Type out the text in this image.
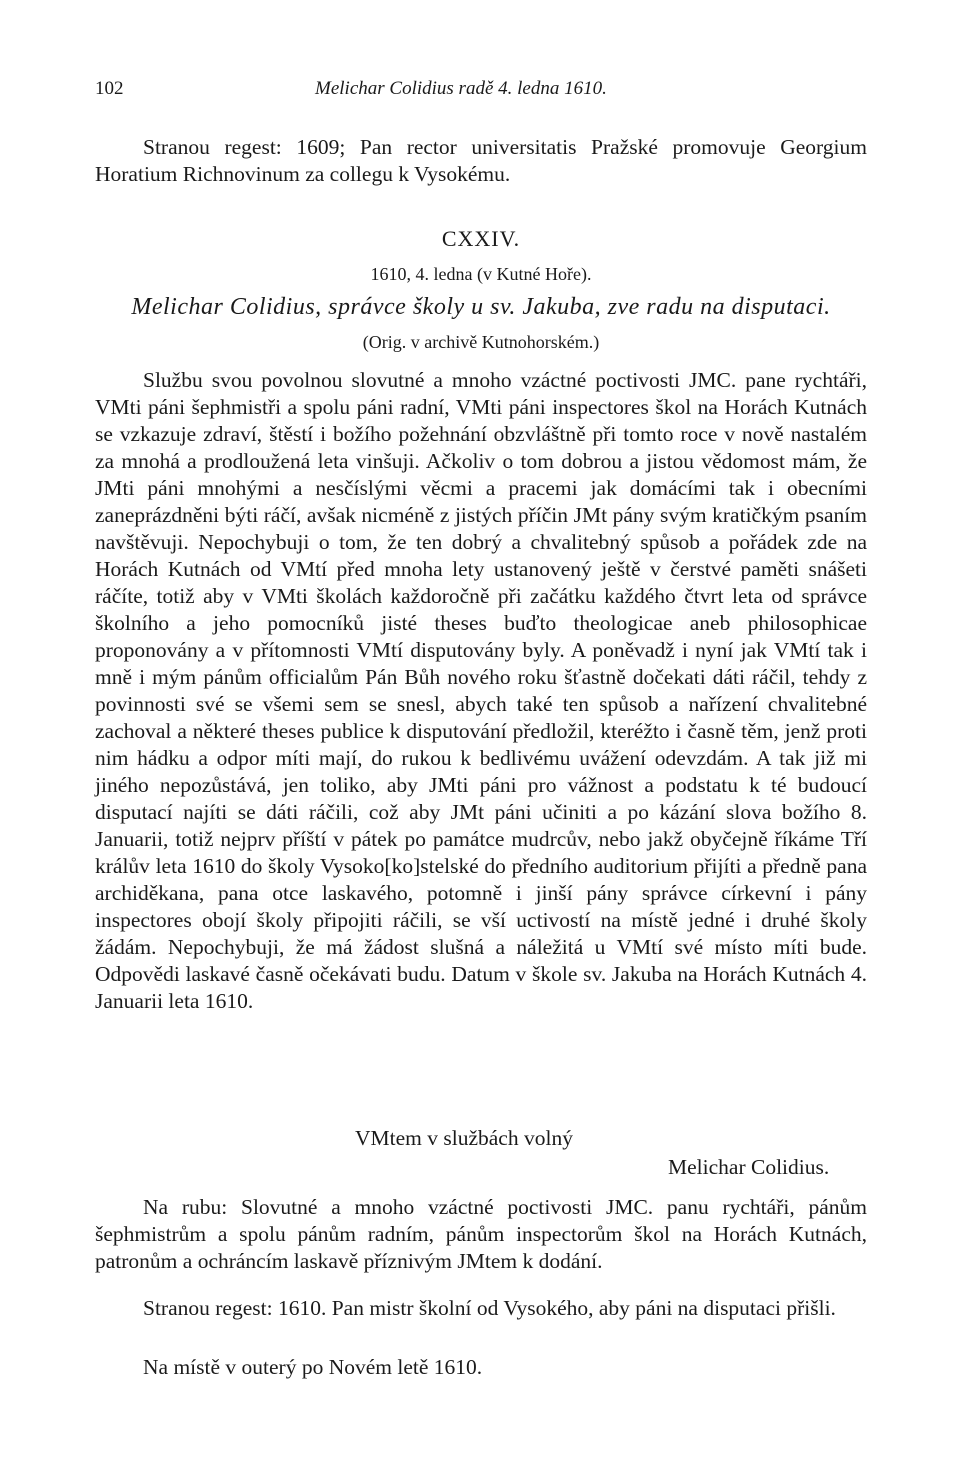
102	Melichar Colidius radě 4. ledna 1610.

Stranou regest: 1609; Pan rector universitatis Pražské promovuje Georgium Horatium Richnovinum za collegu k Vysokému.

CXXIV.
1610, 4. ledna (v Kutné Hoře).
Melichar Colidius, správce školy u sv. Jakuba, zve radu na disputaci.
(Orig. v archivě Kutnohorském.)

Službu svou povolnou slovutné a mnoho vzáctné poctivosti JMC. pane rychtáři, VMti páni šephmistři a spolu páni radní, VMti páni inspectores škol na Horách Kutnách se vzkazuje zdraví, štěstí i božího požehnání obzvláštně při tomto roce v nově nastalém za mnohá a prodloužená leta vinšuji. Ačkoliv o tom dobrou a jistou vědomost mám, že JMti páni mnohými a nesčíslými věcmi a pracemi jak domácími tak i obecními zaneprázdněni býti ráčí, avšak nicméně z jistých příčin JMt pány svým kratičkým psaním navštěvuji. Nepochybuji o tom, že ten dobrý a chvalitebný spůsob a pořádek zde na Horách Kutnách od VMtí před mnoha lety ustanovený ještě v čerstvé paměti snášeti ráčíte, totiž aby v VMti školách každoročně při začátku každého čtvrt leta od správce školního a jeho pomocníků jisté theses buďto theologicae aneb philosophicae proponovány a v přítomnosti VMtí disputovány byly. A poněvadž i nyní jak VMtí tak i mně i mým pánům officialům Pán Bůh nového roku šťastně dočekati dáti ráčil, tehdy z povinnosti své se všemi sem se snesl, abych také ten spůsob a nařízení chvalitebné zachoval a některé theses publice k disputování předložil, kteréžto i časně těm, jenž proti nim hádku a odpor míti mají, do rukou k bedlivému uvážení odevzdám. A tak již mi jiného nepozůstává, jen toliko, aby JMti páni pro vážnost a podstatu k té budoucí disputací najíti se dáti ráčili, což aby JMt páni učiniti a po kázání slova božího 8. Januarii, totiž nejprv příští v pátek po památce mudrcův, nebo jakž obyčejně říkáme Tří králův leta 1610 do školy Vysoko[ko]stelské do předního auditorium přijíti a předně pana archiděkana, pana otce laskavého, potomně i jinší pány správce církevní i pány inspectores obojí školy připojiti ráčili, se vší uctivostí na místě jedné i druhé školy žádám. Nepochybuji, že má žádost slušná a náležitá u VMtí své místo míti bude. Odpovědi laskavé časně očekávati budu. Datum v škole sv. Jakuba na Horách Kutnách 4. Januarii leta 1610.

VMtem v službách volný
Melichar Colidius.

Na rubu: Slovutné a mnoho vzáctné poctivosti JMC. panu rychtáři, pánům šephmistrům a spolu pánům radním, pánům inspectorům škol na Horách Kutnách, patronům a ochráncím laskavě příznivým JMtem k dodání.

Stranou regest: 1610. Pan mistr školní od Vysokého, aby páni na disputaci přišli.

Na místě v outerý po Novém letě 1610.
